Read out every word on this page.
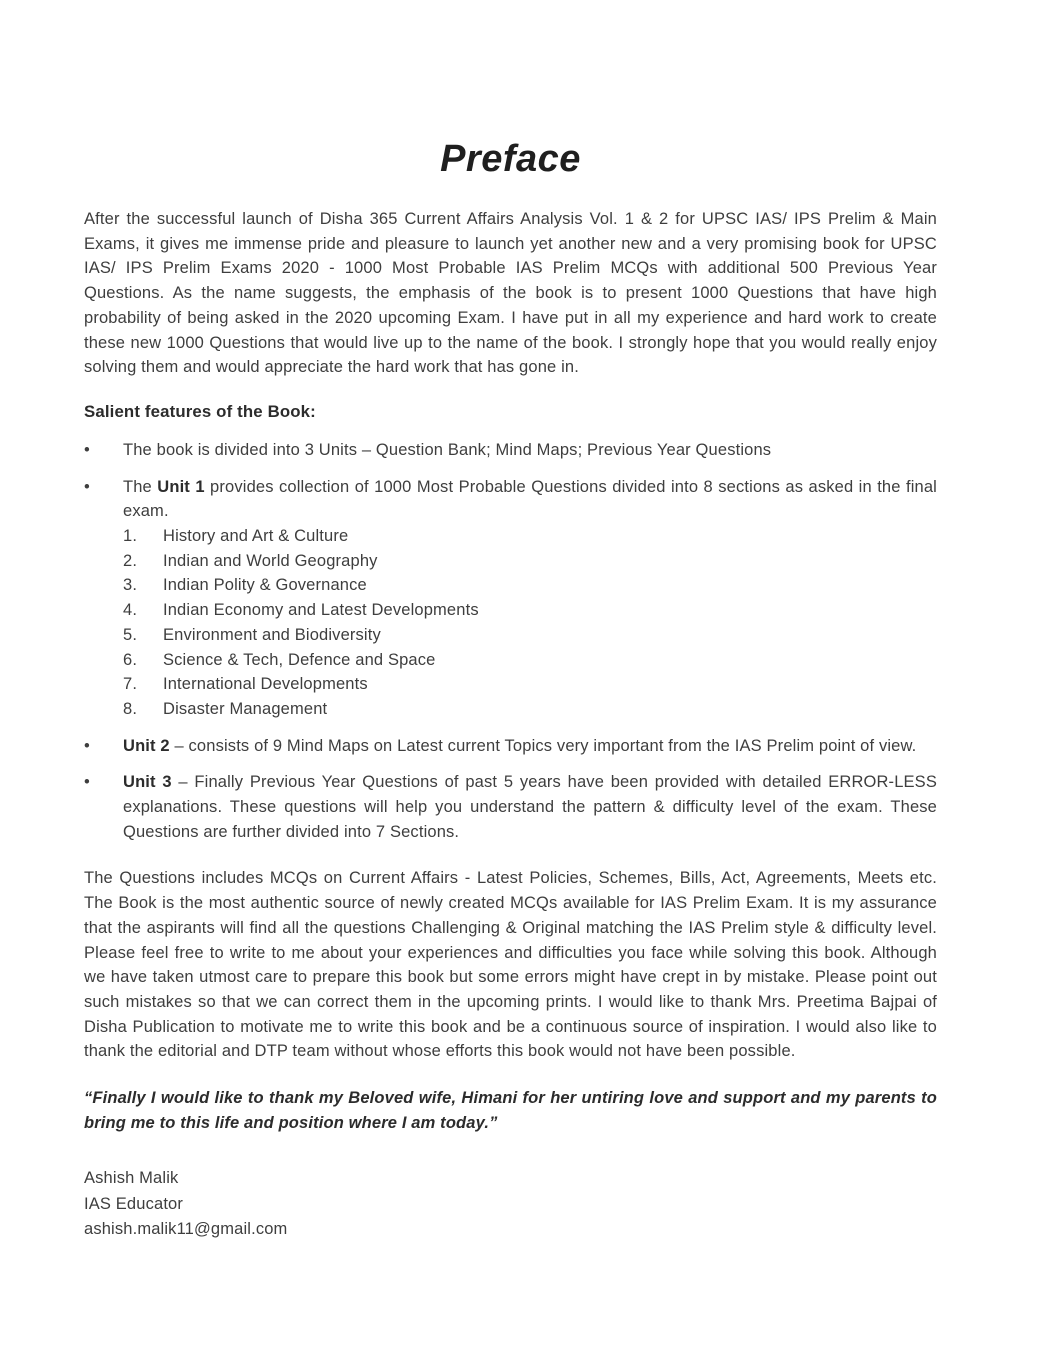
Preface

After the successful launch of Disha 365 Current Affairs Analysis Vol. 1 & 2 for UPSC IAS/ IPS Prelim & Main Exams, it gives me immense pride and pleasure to launch yet another new and a very promising book for UPSC IAS/ IPS Prelim Exams 2020 - 1000 Most Probable IAS Prelim MCQs with additional 500 Previous Year Questions. As the name suggests, the emphasis of the book is to present 1000 Questions that have high probability of being asked in the 2020 upcoming Exam. I have put in all my experience and hard work to create these new 1000 Questions that would live up to the name of the book. I strongly hope that you would really enjoy solving them and would appreciate the hard work that has gone in.

Salient features of the Book:
•	The book is divided into 3 Units – Question Bank; Mind Maps; Previous Year Questions
•	The Unit 1 provides collection of 1000 Most Probable Questions divided into 8 sections as asked in the final exam.
1.	History and Art & Culture
2.	Indian and World Geography
3.	Indian Polity & Governance
4.	Indian Economy and Latest Developments
5.	Environment and Biodiversity
6.	Science & Tech, Defence and Space
7.	International Developments
8.	Disaster Management
•	Unit 2 – consists of 9 Mind Maps on Latest current Topics very important from the IAS Prelim point of view.
•	Unit 3 – Finally Previous Year Questions of past 5 years have been provided with detailed ERROR-LESS explanations. These questions will help you understand the pattern & difficulty level of the exam. These Questions are further divided into 7 Sections.

The Questions includes MCQs on Current Affairs - Latest Policies, Schemes, Bills, Act, Agreements, Meets etc. The Book is the most authentic source of newly created MCQs available for IAS Prelim Exam. It is my assurance that the aspirants will find all the questions Challenging & Original matching the IAS Prelim style & difficulty level. Please feel free to write to me about your experiences and difficulties you face while solving this book. Although we have taken utmost care to prepare this book but some errors might have crept in by mistake. Please point out such mistakes so that we can correct them in the upcoming prints. I would like to thank Mrs. Preetima Bajpai of Disha Publication to motivate me to write this book and be a continuous source of inspiration. I would also like to thank the editorial and DTP team without whose efforts this book would not have been possible.

“Finally I would like to thank my Beloved wife, Himani for her untiring love and support and my parents to bring me to this life and position where I am today.”

Ashish Malik
IAS Educator
ashish.malik11@gmail.com
